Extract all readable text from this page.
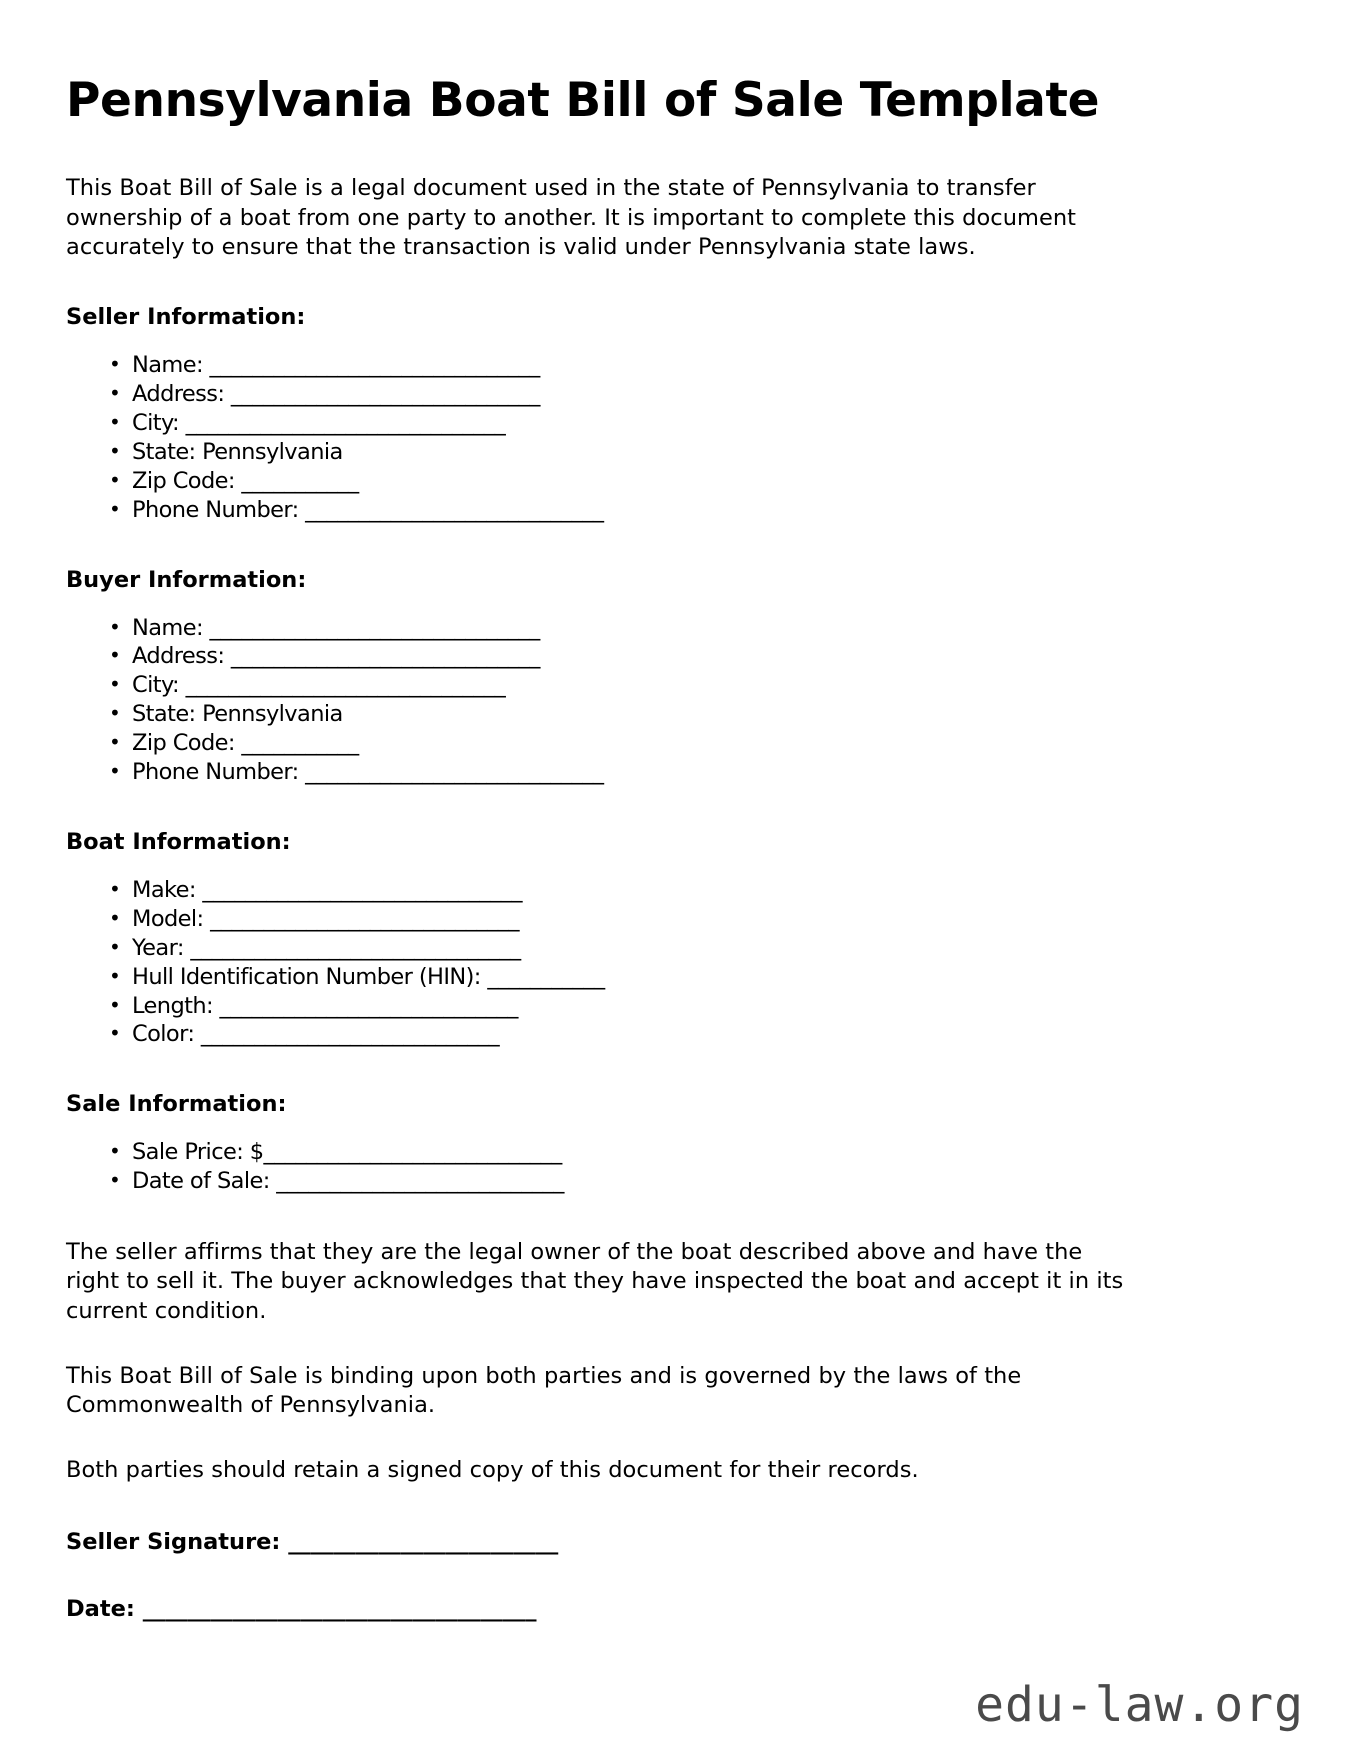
Pennsylvania Boat Bill of Sale Template

This Boat Bill of Sale is a legal document used in the state of Pennsylvania to transfer ownership of a boat from one party to another. It is important to complete this document accurately to ensure that the transaction is valid under Pennsylvania state laws.

Seller Information:
• Name: _______________________________
• Address: _____________________________
• City: ______________________________
• State: Pennsylvania
• Zip Code: ___________
• Phone Number: ____________________________
Buyer Information:
• Name: _______________________________
• Address: _____________________________
• City: ______________________________
• State: Pennsylvania
• Zip Code: ___________
• Phone Number: ____________________________
Boat Information:
• Make: ______________________________
• Model: _____________________________
• Year: _______________________________
• Hull Identification Number (HIN): ___________
• Length: ____________________________
• Color: ____________________________
Sale Information:
• Sale Price: $____________________________
• Date of Sale: ___________________________

The seller affirms that they are the legal owner of the boat described above and have the right to sell it. The buyer acknowledges that they have inspected the boat and accept it in its current condition.

This Boat Bill of Sale is binding upon both parties and is governed by the laws of the Commonwealth of Pennsylvania.

Both parties should retain a signed copy of this document for their records.

Seller Signature: ________________________

Date: ___________________________________

edu-law.org
